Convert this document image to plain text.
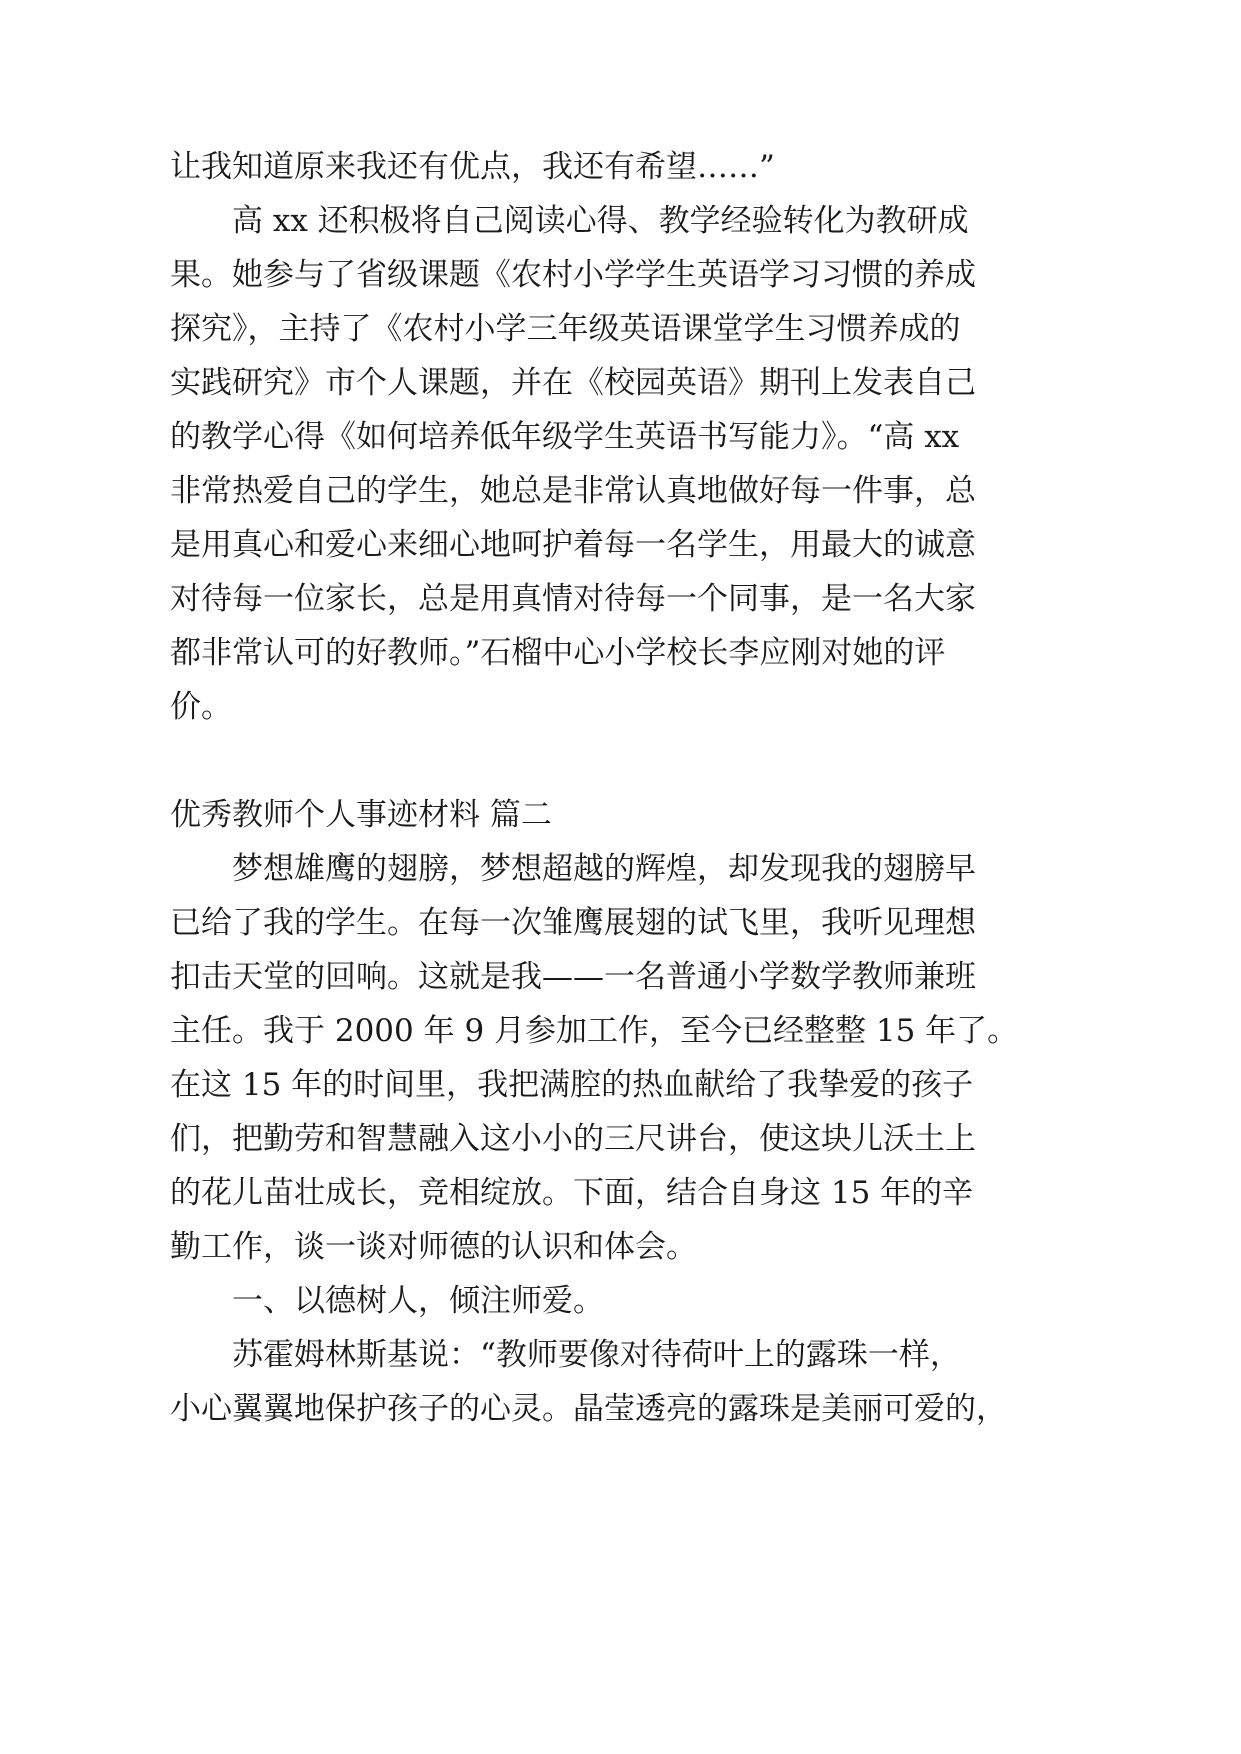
让我知道原来我还有优点，我还有希望……”

高 xx 还积极将自己阅读心得、教学经验转化为教研成

果。她参与了省级课题《农村小学学生英语学习习惯的养成

探究》，主持了《农村小学三年级英语课堂学生习惯养成的

实践研究》市个人课题，并在《校园英语》期刊上发表自己

的教学心得《如何培养低年级学生英语书写能力》。“高 xx

非常热爱自己的学生，她总是非常认真地做好每一件事，总

是用真心和爱心来细心地呵护着每一名学生，用最大的诚意

对待每一位家长，总是用真情对待每一个同事，是一名大家

都非常认可的好教师。”石榴中心小学校长李应刚对她的评

价。

优秀教师个人事迹材料 篇二

梦想雄鹰的翅膀，梦想超越的辉煌，却发现我的翅膀早

已给了我的学生。在每一次雏鹰展翅的试飞里，我听见理想

扣击天堂的回响。这就是我——一名普通小学数学教师兼班

主任。我于 2000 年 9 月参加工作，至今已经整整 15 年了。

在这 15 年的时间里，我把满腔的热血献给了我挚爱的孩子

们，把勤劳和智慧融入这小小的三尺讲台，使这块儿沃土上

的花儿苗壮成长，竞相绽放。下面，结合自身这 15 年的辛

勤工作，谈一谈对师德的认识和体会。

一、以德树人，倾注师爱。

苏霍姆林斯基说：“教师要像对待荷叶上的露珠一样，

小心翼翼地保护孩子的心灵。晶莹透亮的露珠是美丽可爱的，
